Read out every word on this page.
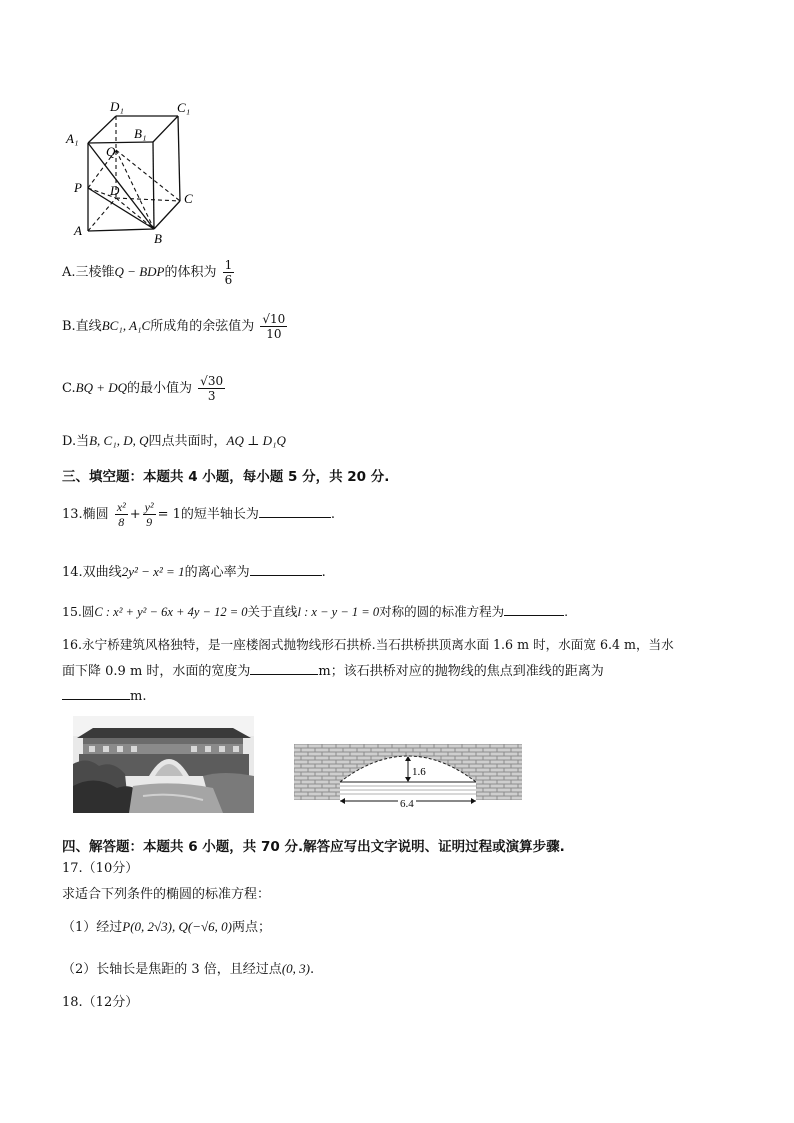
D₁	C₁
A₁	B₁
Q
P D
C
A
B
A.三棱锥Q − BDP的体积为 $\frac{1}{6}$
B.直线BC₁, A₁C所成角的余弦值为 $\frac{√10}{10}$
C.BQ + DQ的最小值为 $\frac{√30}{3}$
D.当B, C₁, D, Q四点共面时，AQ ⊥ D₁Q
三、填空题：本题共 4 小题，每小题 5 分，共 20 分.
13.椭圆 $\frac{\text{x²}}{8} + \frac{\text{y²}}{9} = 1$的短半轴长为	.
14.双曲线2y² − x² = 1的离心率为	.
15.圆C : x² + y² − 6x + 4y − 12 = 0关于直线l : x − y − 1 = 0对称的圆的标准方程为	.
16.永宁桥建筑风格独特，是一座楼阁式抛物线形石拱桥.当石拱桥拱顶离水面 1.6 m 时，水面宽 6.4 m，当水
面下降 0.9 m 时，水面的宽度为	m；该石拱桥对应的抛物线的焦点到准线的距离为
m.
1.6
6.4
四、解答题：本题共 6 小题，共 70 分.解答应写出文字说明、证明过程或演算步骤.
17.（10分）
求适合下列条件的椭圆的标准方程：
（1）经过P(0, 2√3), Q(−√6, 0)两点；
（2）长轴长是焦距的 3 倍，且经过点(0, 3).
18.（12分）
